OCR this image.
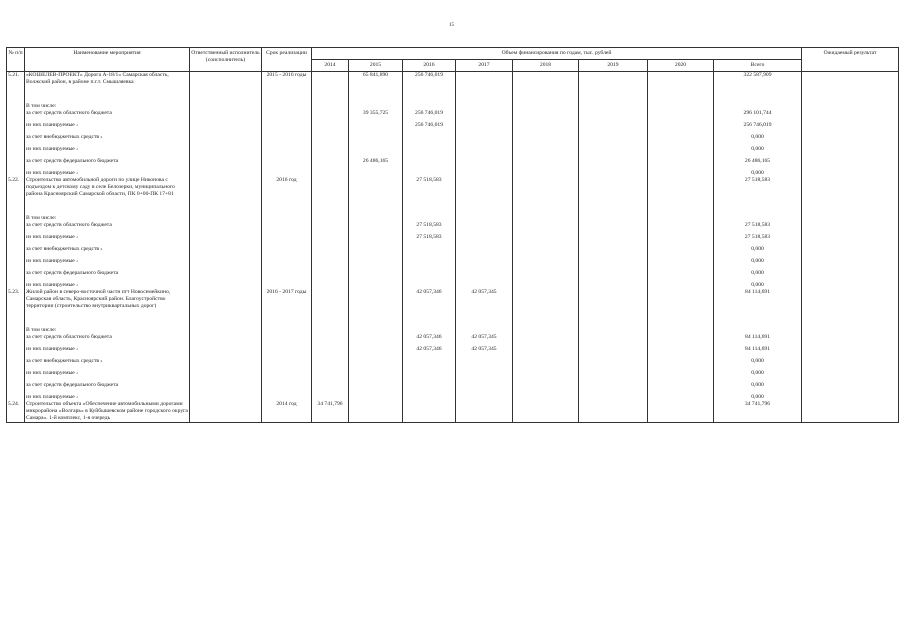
15
№ п/п	Наименование мероприятия	Ответственный исполнитель (соисполнитель)	Срок реализации	Объем финансирования по годам, тыс. рублей								Ожидаемый результат
				2014	2015	2016	2017	2018	2019	2020	Всего	
5.21.	«КОШЕЛЕВ-ПРОЕКТ» Дорога А-18/1» Самарская область, Волжский район, в районе п.г.т. Смышляевка		2015 - 2016 годы		65 841,890	256 746,019					322 587,909	

	В том числе:											
	за счет средств областного бюджета				39 355,725	256 746,019					296 101,744	

	из них планируемые $^1$					256 746,019					256 746,019	

	за счет внебюджетных средств $^2$										0,000	

	из них планируемые $^1$										0,000	

	за счет средств федерального бюджета				26 486,165						26 486,165	

	из них планируемые $^1$										0,000	
5.22.	Строительство автомобильной дороги по улице Никонова с подъездом к детскому саду в селе Белозерки, муниципального района Красноярский Самарской области, ПК 0+00-ПК 17+81		2016 год			27 518,583					27 518,583	

	В том числе:											
	за счет средств областного бюджета					27 518,583					27 518,583	

	из них планируемые $^1$					27 518,583					27 518,583	

	за счет внебюджетных средств $^2$										0,000	

	из них планируемые $^1$										0,000	

	за счет средств федерального бюджета										0,000	

	из них планируемые $^1$										0,000	
5.23.	Жилой район в северо-восточной части пгт Новосемейкино, Самарская область, Красноярский район. Благоустройство территории (строительство внутриквартальных дорог)		2016 - 2017 годы			42 057,346	42 057,345				84 114,691	

	В том числе:											
	за счет средств областного бюджета					42 057,346	42 057,345				84 114,691	

	из них планируемые $^1$					42 057,346	42 057,345				84 114,691	

	за счет внебюджетных средств $^2$										0,000	

	из них планируемые $^1$										0,000	

	за счет средств федерального бюджета										0,000	

	из них планируемые $^1$										0,000	
5.24.	Строительство объекта «Обеспечение автомобильными дорогами микрорайона «Волгарь» в Куйбышевском районе городского округа Самара». 1-й комплекс, 1-я очередь		2014 год	34 741,796							34 741,796	
